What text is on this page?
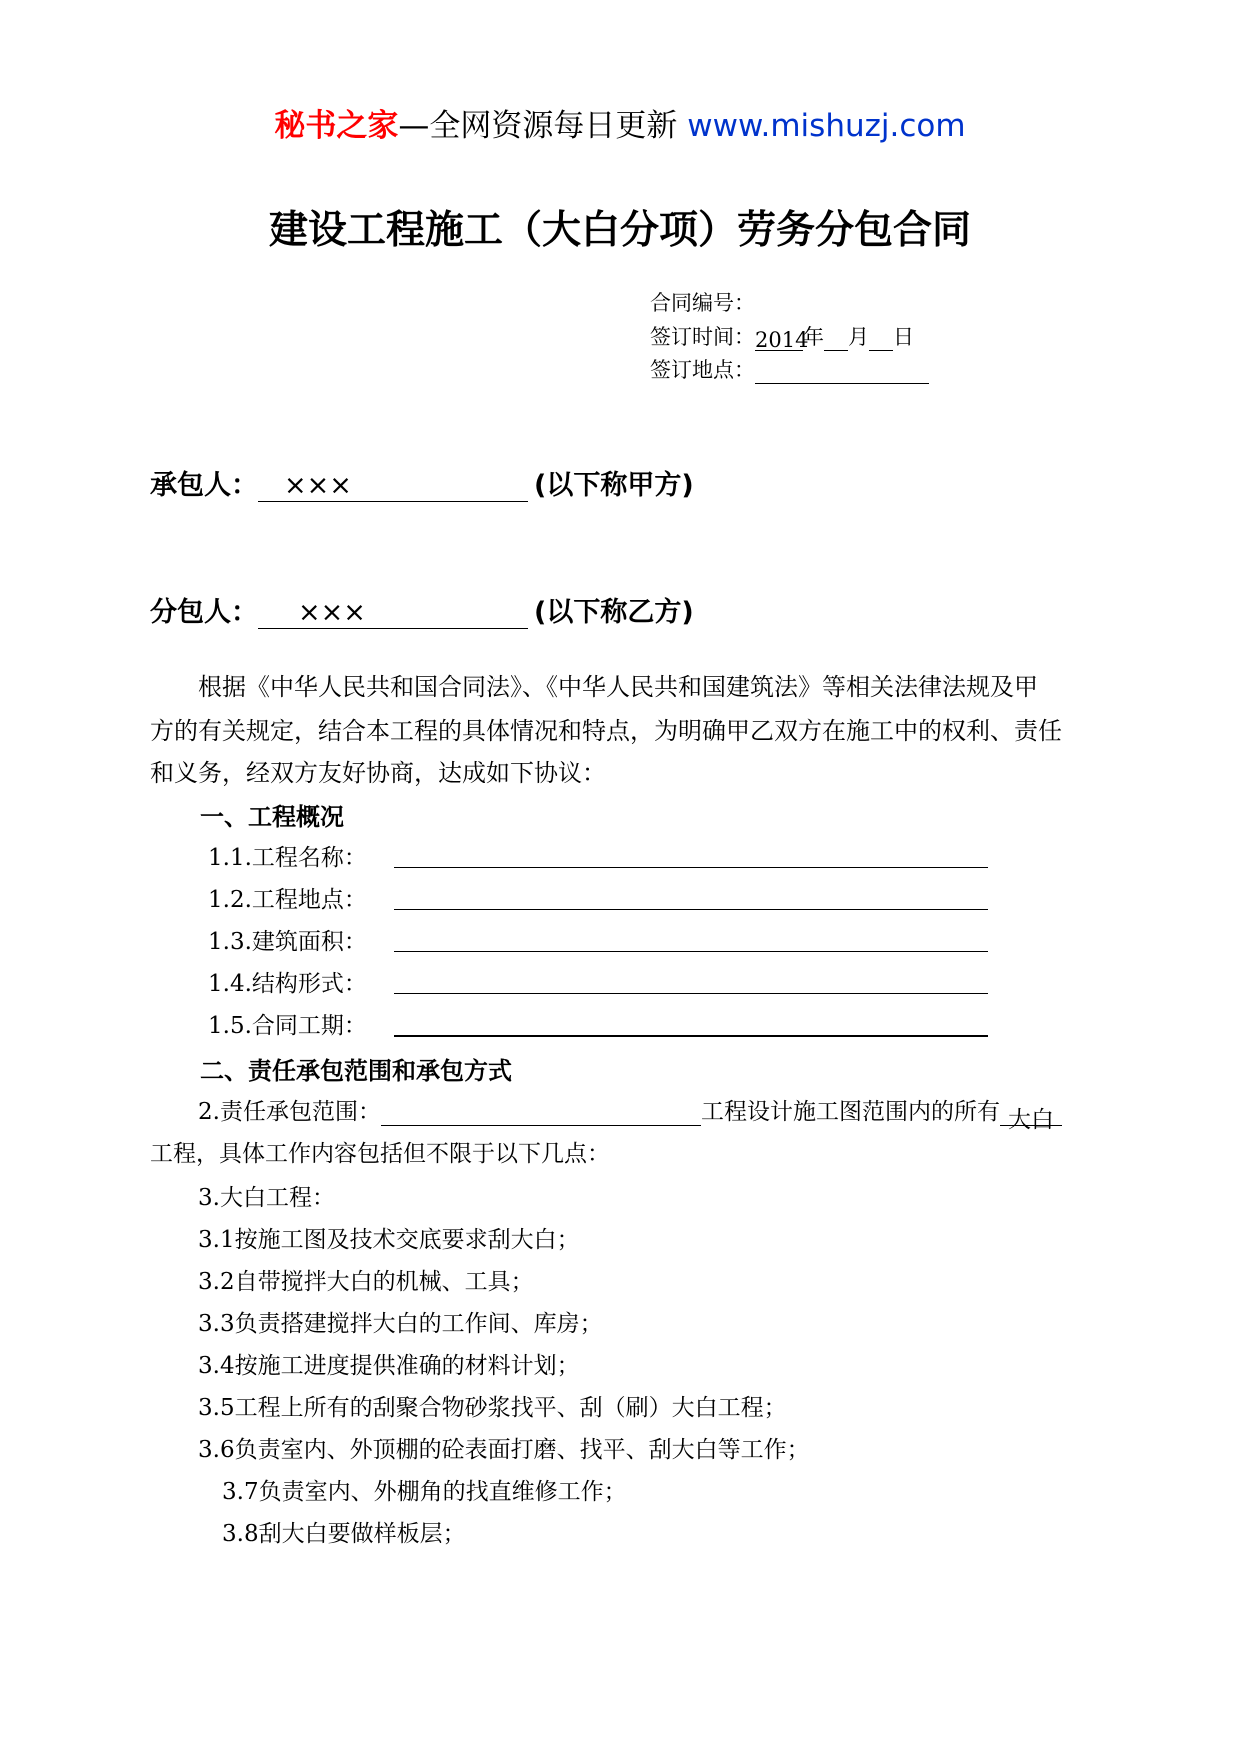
秘书之家—全网资源每日更新 www.mishuzj.com
建设工程施工（大白分项）劳务分包合同
合同编号：
签订时间：2014年 月 日
签订地点：
承包人： ×××	(以下称甲方)
分包人： ×××	(以下称乙方)
根据《中华人民共和国合同法》、《中华人民共和国建筑法》等相关法律法规及甲
方的有关规定，结合本工程的具体情况和特点，为明确甲乙双方在施工中的权利、责任
和义务，经双方友好协商，达成如下协议：
一、工程概况
1.1.工程名称：
1.2.工程地点：
1.3.建筑面积：
1.4.结构形式：
1.5.合同工期：
二、责任承包范围和承包方式
2.责任承包范围：	工程设计施工图范围内的所有 大白
工程，具体工作内容包括但不限于以下几点：
3.大白工程：
3.1按施工图及技术交底要求刮大白；
3.2自带搅拌大白的机械、工具；
3.3负责搭建搅拌大白的工作间、库房；
3.4按施工进度提供准确的材料计划；
3.5工程上所有的刮聚合物砂浆找平、刮（刷）大白工程；
3.6负责室内、外顶棚的砼表面打磨、找平、刮大白等工作；
3.7负责室内、外棚角的找直维修工作；
3.8刮大白要做样板层；
